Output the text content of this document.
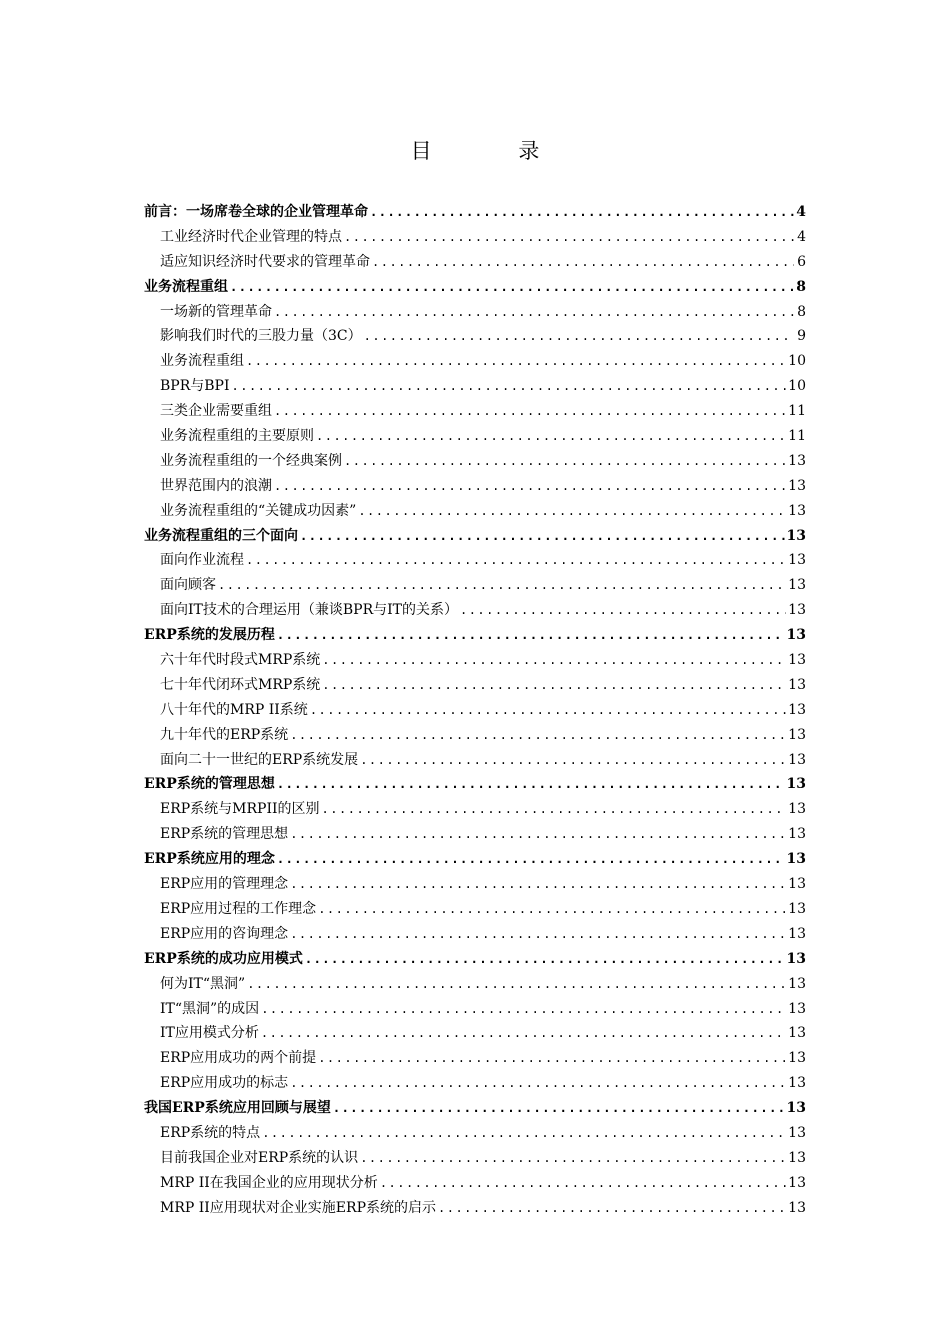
目 录
前言：一场席卷全球的企业管理革命 .....	4
工业经济时代企业管理的特点 .....	4
适应知识经济时代要求的管理革命 .....	6
业务流程重组 .....	8
一场新的管理革命 .....	8
影响我们时代的三股力量（3C） .....	9
业务流程重组 .....	10
BPR与BPI .....	10
三类企业需要重组 .....	11
业务流程重组的主要原则 .....	11
业务流程重组的一个经典案例 .....	13
世界范围内的浪潮 .....	13
业务流程重组的“关键成功因素” .....	13
业务流程重组的三个面向 .....	13
面向作业流程 .....	13
面向顾客 .....	13
面向IT技术的合理运用（兼谈BPR与IT的关系） .....	13
ERP系统的发展历程 .....	13
六十年代时段式MRP系统 .....	13
七十年代闭环式MRP系统 .....	13
八十年代的MRP II系统 .....	13
九十年代的ERP系统 .....	13
面向二十一世纪的ERP系统发展 .....	13
ERP系统的管理思想 .....	13
ERP系统与MRPII的区别 .....	13
ERP系统的管理思想 .....	13
ERP系统应用的理念 .....	13
ERP应用的管理理念 .....	13
ERP应用过程的工作理念 .....	13
ERP应用的咨询理念 .....	13
ERP系统的成功应用模式 .....	13
何为IT“黑洞” .....	13
IT“黑洞”的成因 .....	13
IT应用模式分析 .....	13
ERP应用成功的两个前提 .....	13
ERP应用成功的标志 .....	13
我国ERP系统应用回顾与展望 .....	13
ERP系统的特点 .....	13
目前我国企业对ERP系统的认识 .....	13
MRP II在我国企业的应用现状分析 .....	13
MRP II应用现状对企业实施ERP系统的启示 .....	13
